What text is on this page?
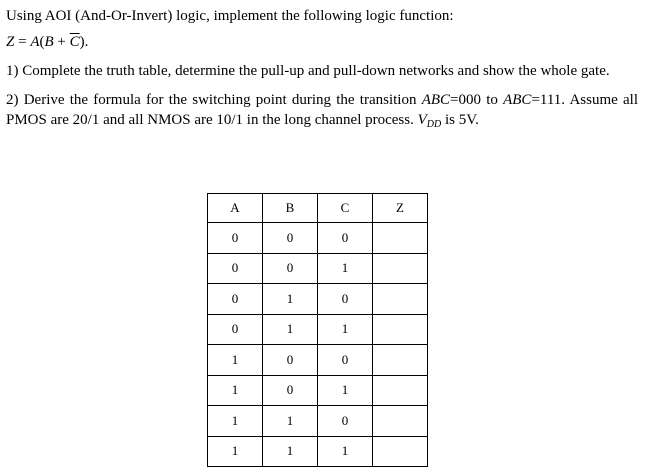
Using AOI (And-Or-Invert) logic, implement the following logic function:

$Z = A(B + \overline{C})$.

1) Complete the truth table, determine the pull-up and pull-down networks and show the whole gate.

2) Derive the formula for the switching point during the transition ABC=000 to ABC=111. Assume all PMOS are 20/1 and all NMOS are 10/1 in the long channel process. $V_{DD}$ is 5V.

A	B	C	Z
0	0	0	
0	0	1	
0	1	0	
0	1	1	
1	0	0	
1	0	1	
1	1	0	
1	1	1	
